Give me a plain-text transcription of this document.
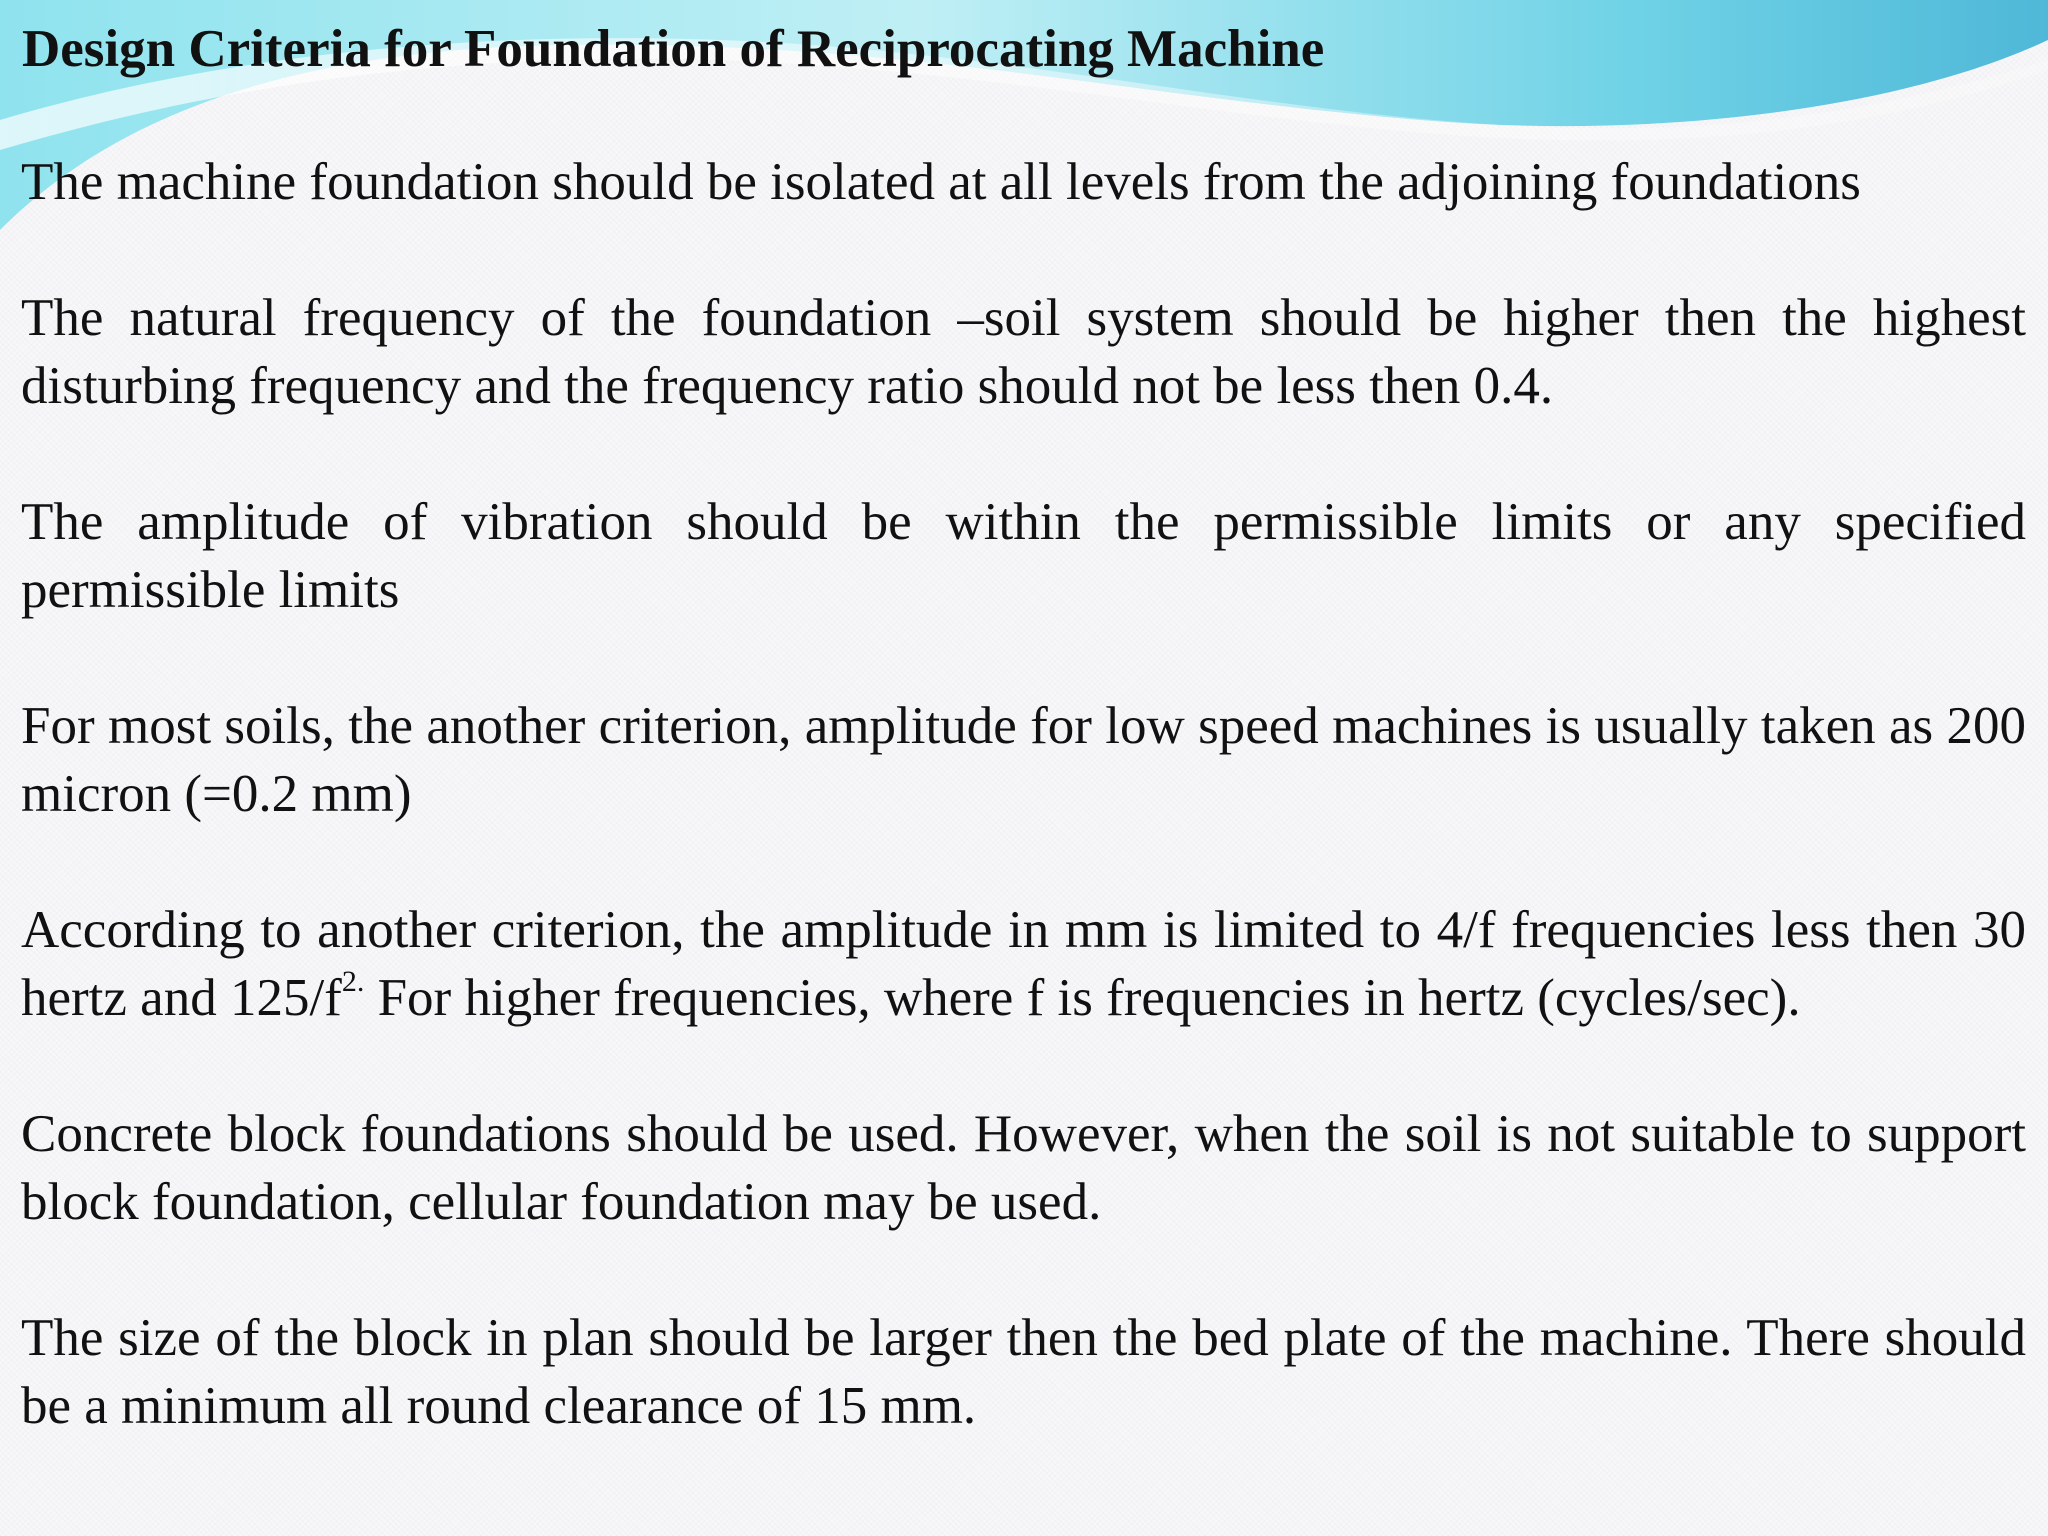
Design Criteria for Foundation of Reciprocating Machine

The machine foundation should be isolated at all levels from the adjoining foundations

The natural frequency of the foundation –soil system should be higher then the highest disturbing frequency and the frequency ratio should not be less then 0.4.

The amplitude of vibration should be within the permissible limits or any specified permissible limits

For most soils, the another criterion, amplitude for low speed machines is usually taken as 200 micron (=0.2 mm)

According to another criterion, the amplitude in mm is limited to 4/f frequencies less then 30 hertz and $125/f^{2.}$ For higher frequencies, where f is frequencies in hertz (cycles/sec).

Concrete block foundations should be used. However, when the soil is not suitable to support block foundation, cellular foundation may be used.

The size of the block in plan should be larger then the bed plate of the machine. There should be a minimum all round clearance of 15 mm.
